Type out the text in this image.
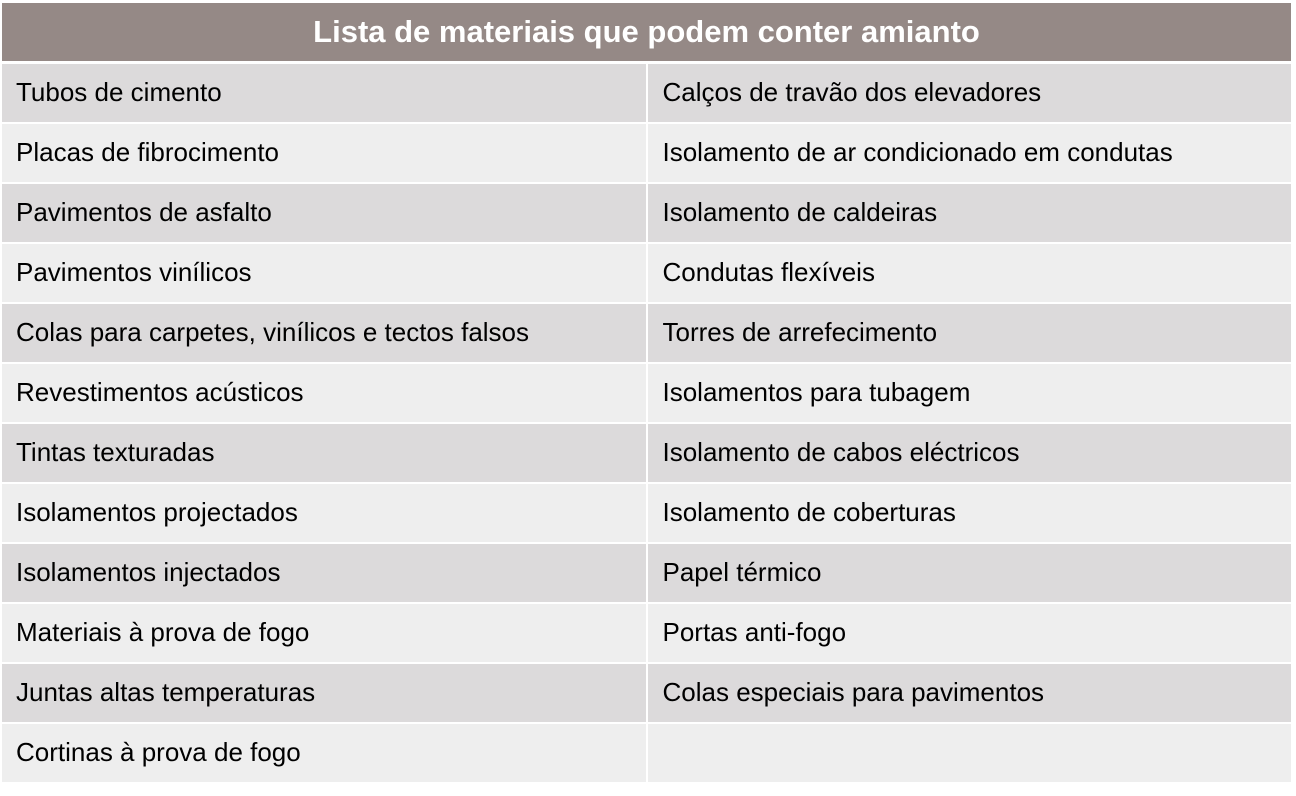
Lista de materiais que podem conter amianto	
Tubos de cimento	Calços de travão dos elevadores
Placas de fibrocimento	Isolamento de ar condicionado em condutas
Pavimentos de asfalto	Isolamento de caldeiras
Pavimentos vinílicos	Condutas flexíveis
Colas para carpetes, vinílicos e tectos falsos	Torres de arrefecimento
Revestimentos acústicos	Isolamentos para tubagem
Tintas texturadas	Isolamento de cabos eléctricos
Isolamentos projectados	Isolamento de coberturas
Isolamentos injectados	Papel térmico
Materiais à prova de fogo	Portas anti-fogo
Juntas altas temperaturas	Colas especiais para pavimentos
Cortinas à prova de fogo	
